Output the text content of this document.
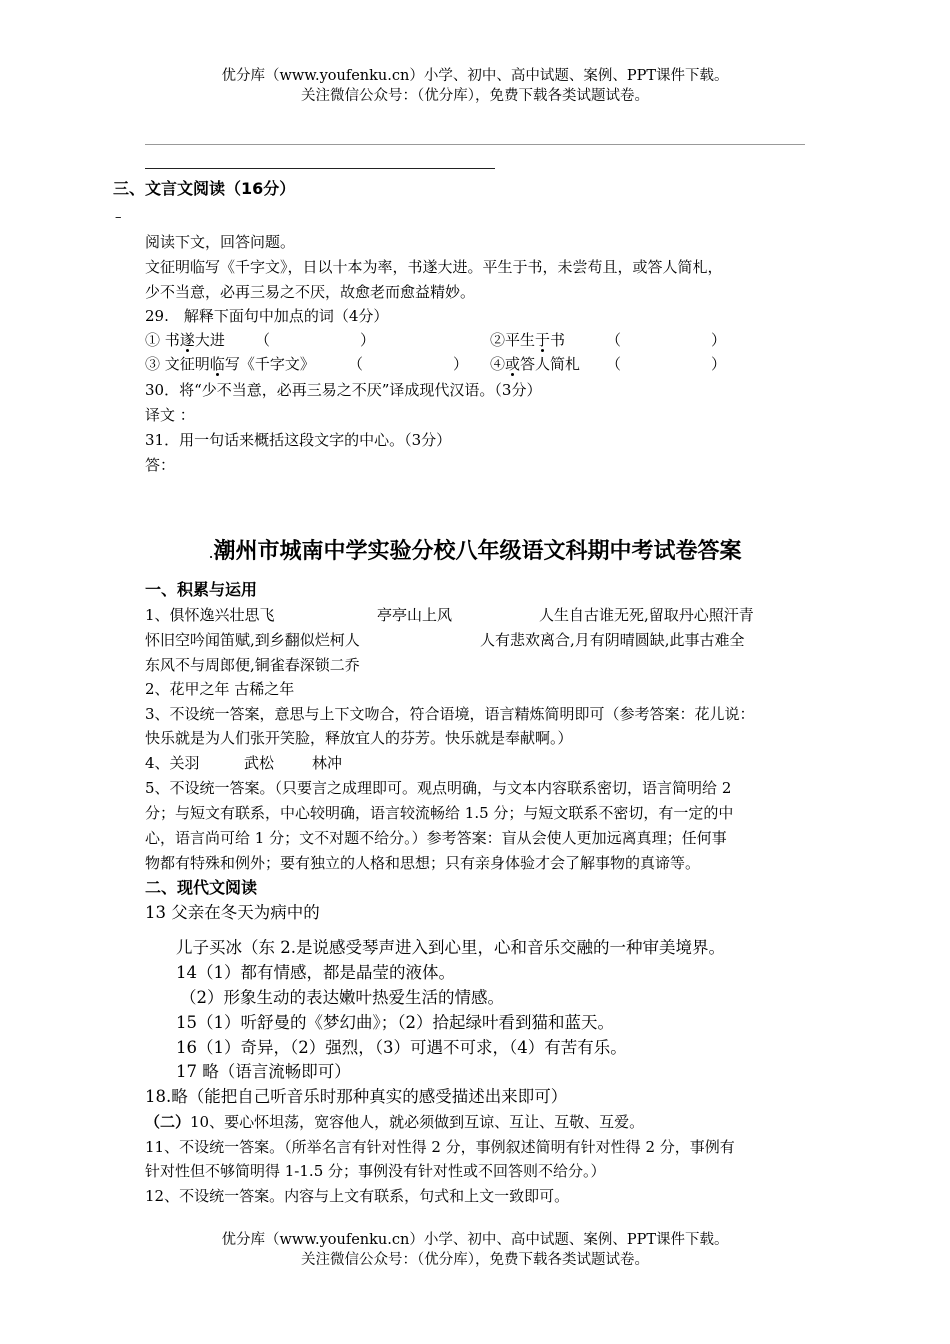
优分库（www.youfenku.cn）小学、初中、高中试题、案例、PPT课件下载。
关注微信公众号：（优分库），免费下载各类试题试卷。
三、文言文阅读（16分）
–
阅读下文，回答问题。
文征明临写《千字文》，日以十本为率，书遂大进。平生于书，未尝苟且，或答人简札，
少不当意，必再三易之不厌，故愈老而愈益精妙。
29.　解释下面句中加点的词（4分）
① 书遂大进 （　　　　　　）	②平生于书	（　　　　　　）
③ 文征明临写《千字文》 （　　　　　　） ④或答人简札 （　　　　　　）
30．将“少不当意，必再三易之不厌”译成现代汉语。（3分）
译文 ：
31．用一句话来概括这段文字的中心。（3分）
答：
.潮州市城南中学实验分校八年级语文科期中考试卷答案
一、积累与运用
1、俱怀逸兴壮思飞	亭亭山上风	人生自古谁无死,留取丹心照汗青
怀旧空吟闻笛赋,到乡翻似烂柯人	人有悲欢离合,月有阴晴圆缺,此事古难全
东风不与周郎便,铜雀春深锁二乔
2、花甲之年 古稀之年
3、不设统一答案，意思与上下文吻合，符合语境，语言精炼简明即可（参考答案：花儿说：
快乐就是为人们张开笑脸，释放宜人的芬芳。快乐就是奉献啊。）
4、关羽	武松	林冲
5、不设统一答案。（只要言之成理即可。观点明确，与文本内容联系密切，语言简明给 2
分；与短文有联系，中心较明确，语言较流畅给 1.5 分；与短文联系不密切，有一定的中
心，语言尚可给 1 分；文不对题不给分。）参考答案：盲从会使人更加远离真理；任何事
物都有特殊和例外；要有独立的人格和思想；只有亲身体验才会了解事物的真谛等。
二、现代文阅读
13 父亲在冬天为病中的
儿子买冰（东 2.是说感受琴声进入到心里，心和音乐交融的一种审美境界。
14（1）都有情感，都是晶莹的液体。
（2）形象生动的表达嫩叶热爱生活的情感。
15（1）听舒曼的《梦幻曲》；（2）拾起绿叶看到猫和蓝天。
16（1）奇异，（2）强烈，（3）可遇不可求，（4）有苦有乐。
17 略（语言流畅即可）
18.略（能把自己听音乐时那种真实的感受描述出来即可）
（二）10、要心怀坦荡，宽容他人，就必须做到互谅、互让、互敬、互爱。
11、不设统一答案。（所举名言有针对性得 2 分，事例叙述简明有针对性得 2 分，事例有
针对性但不够简明得 1-1.5 分；事例没有针对性或不回答则不给分。）
12、不设统一答案。内容与上文有联系，句式和上文一致即可。
优分库（www.youfenku.cn）小学、初中、高中试题、案例、PPT课件下载。
关注微信公众号：（优分库），免费下载各类试题试卷。
